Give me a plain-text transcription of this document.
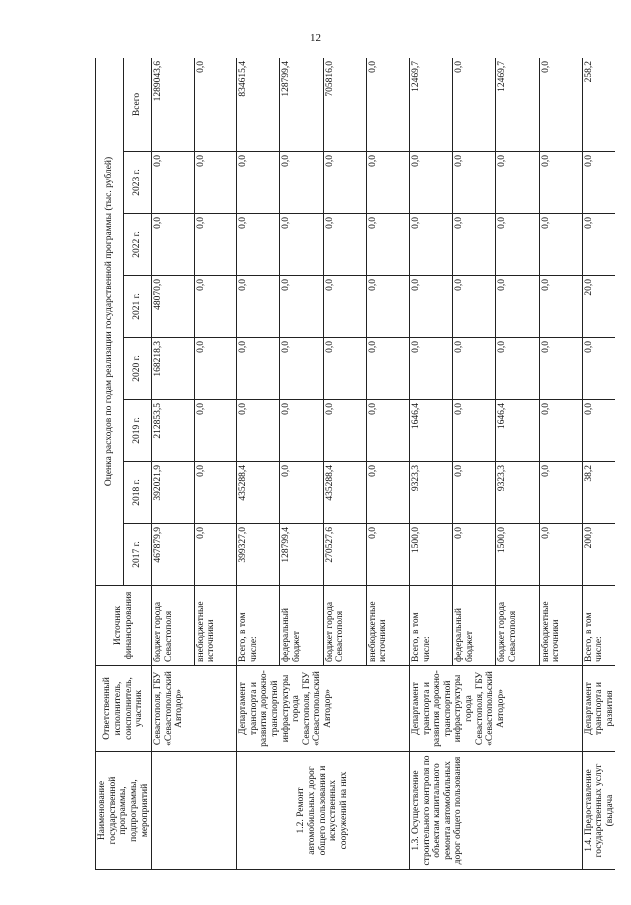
12
Наименование государственной программы, подпрограммы, мероприятий	Ответственный исполнитель, соисполнитель, участник	Источник финансирования	Оценка расходов по годам реализации государственной программы (тыс. рублей)							
			2017 г.	2018 г.	2019 г.	2020 г.	2021 г.	2022 г.	2023 г.	Всего
	Севастополя, ГБУ «Севастопольский Автодор»	бюджет города Севастополя	467879,9	392021,9	212853,5	168218,3	48070,0	0,0	0,0	1289043,6
		внебюджетные источники	0,0	0,0	0,0	0,0	0,0	0,0	0,0	0,0
1.2. Ремонт автомобильных дорог общего пользования и искусственных сооружений на них	Департамент транспорта и развития дорожно-транспортной инфраструктуры города Севастополя, ГБУ «Севастопольский Автодор»	Всего, в том числе:	399327,0	435288,4	0,0	0,0	0,0	0,0	0,0	834615,4
		федеральный бюджет	128799,4	0,0	0,0	0,0	0,0	0,0	0,0	128799,4
		бюджет города Севастополя	270527,6	435288,4	0,0	0,0	0,0	0,0	0,0	705816,0
		внебюджетные источники	0,0	0,0	0,0	0,0	0,0	0,0	0,0	0,0
1.3. Осуществление строительного контроля по объектам капитального ремонта автомобильных дорог общего пользования	Департамент транспорта и развития дорожно-транспортной инфраструктуры города Севастополя, ГБУ «Севастопольский Автодор»	Всего, в том числе:	1500,0	9323,3	1646,4	0,0	0,0	0,0	0,0	12469,7
		федеральный бюджет	0,0	0,0	0,0	0,0	0,0	0,0	0,0	0,0
		бюджет города Севастополя	1500,0	9323,3	1646,4	0,0	0,0	0,0	0,0	12469,7
		внебюджетные источники	0,0	0,0	0,0	0,0	0,0	0,0	0,0	0,0
1.4. Предоставление государственных услуг (выдача	Департамент транспорта и развития	Всего, в том числе:	200,0	38,2	0,0	0,0	20,0	0,0	0,0	258,2
